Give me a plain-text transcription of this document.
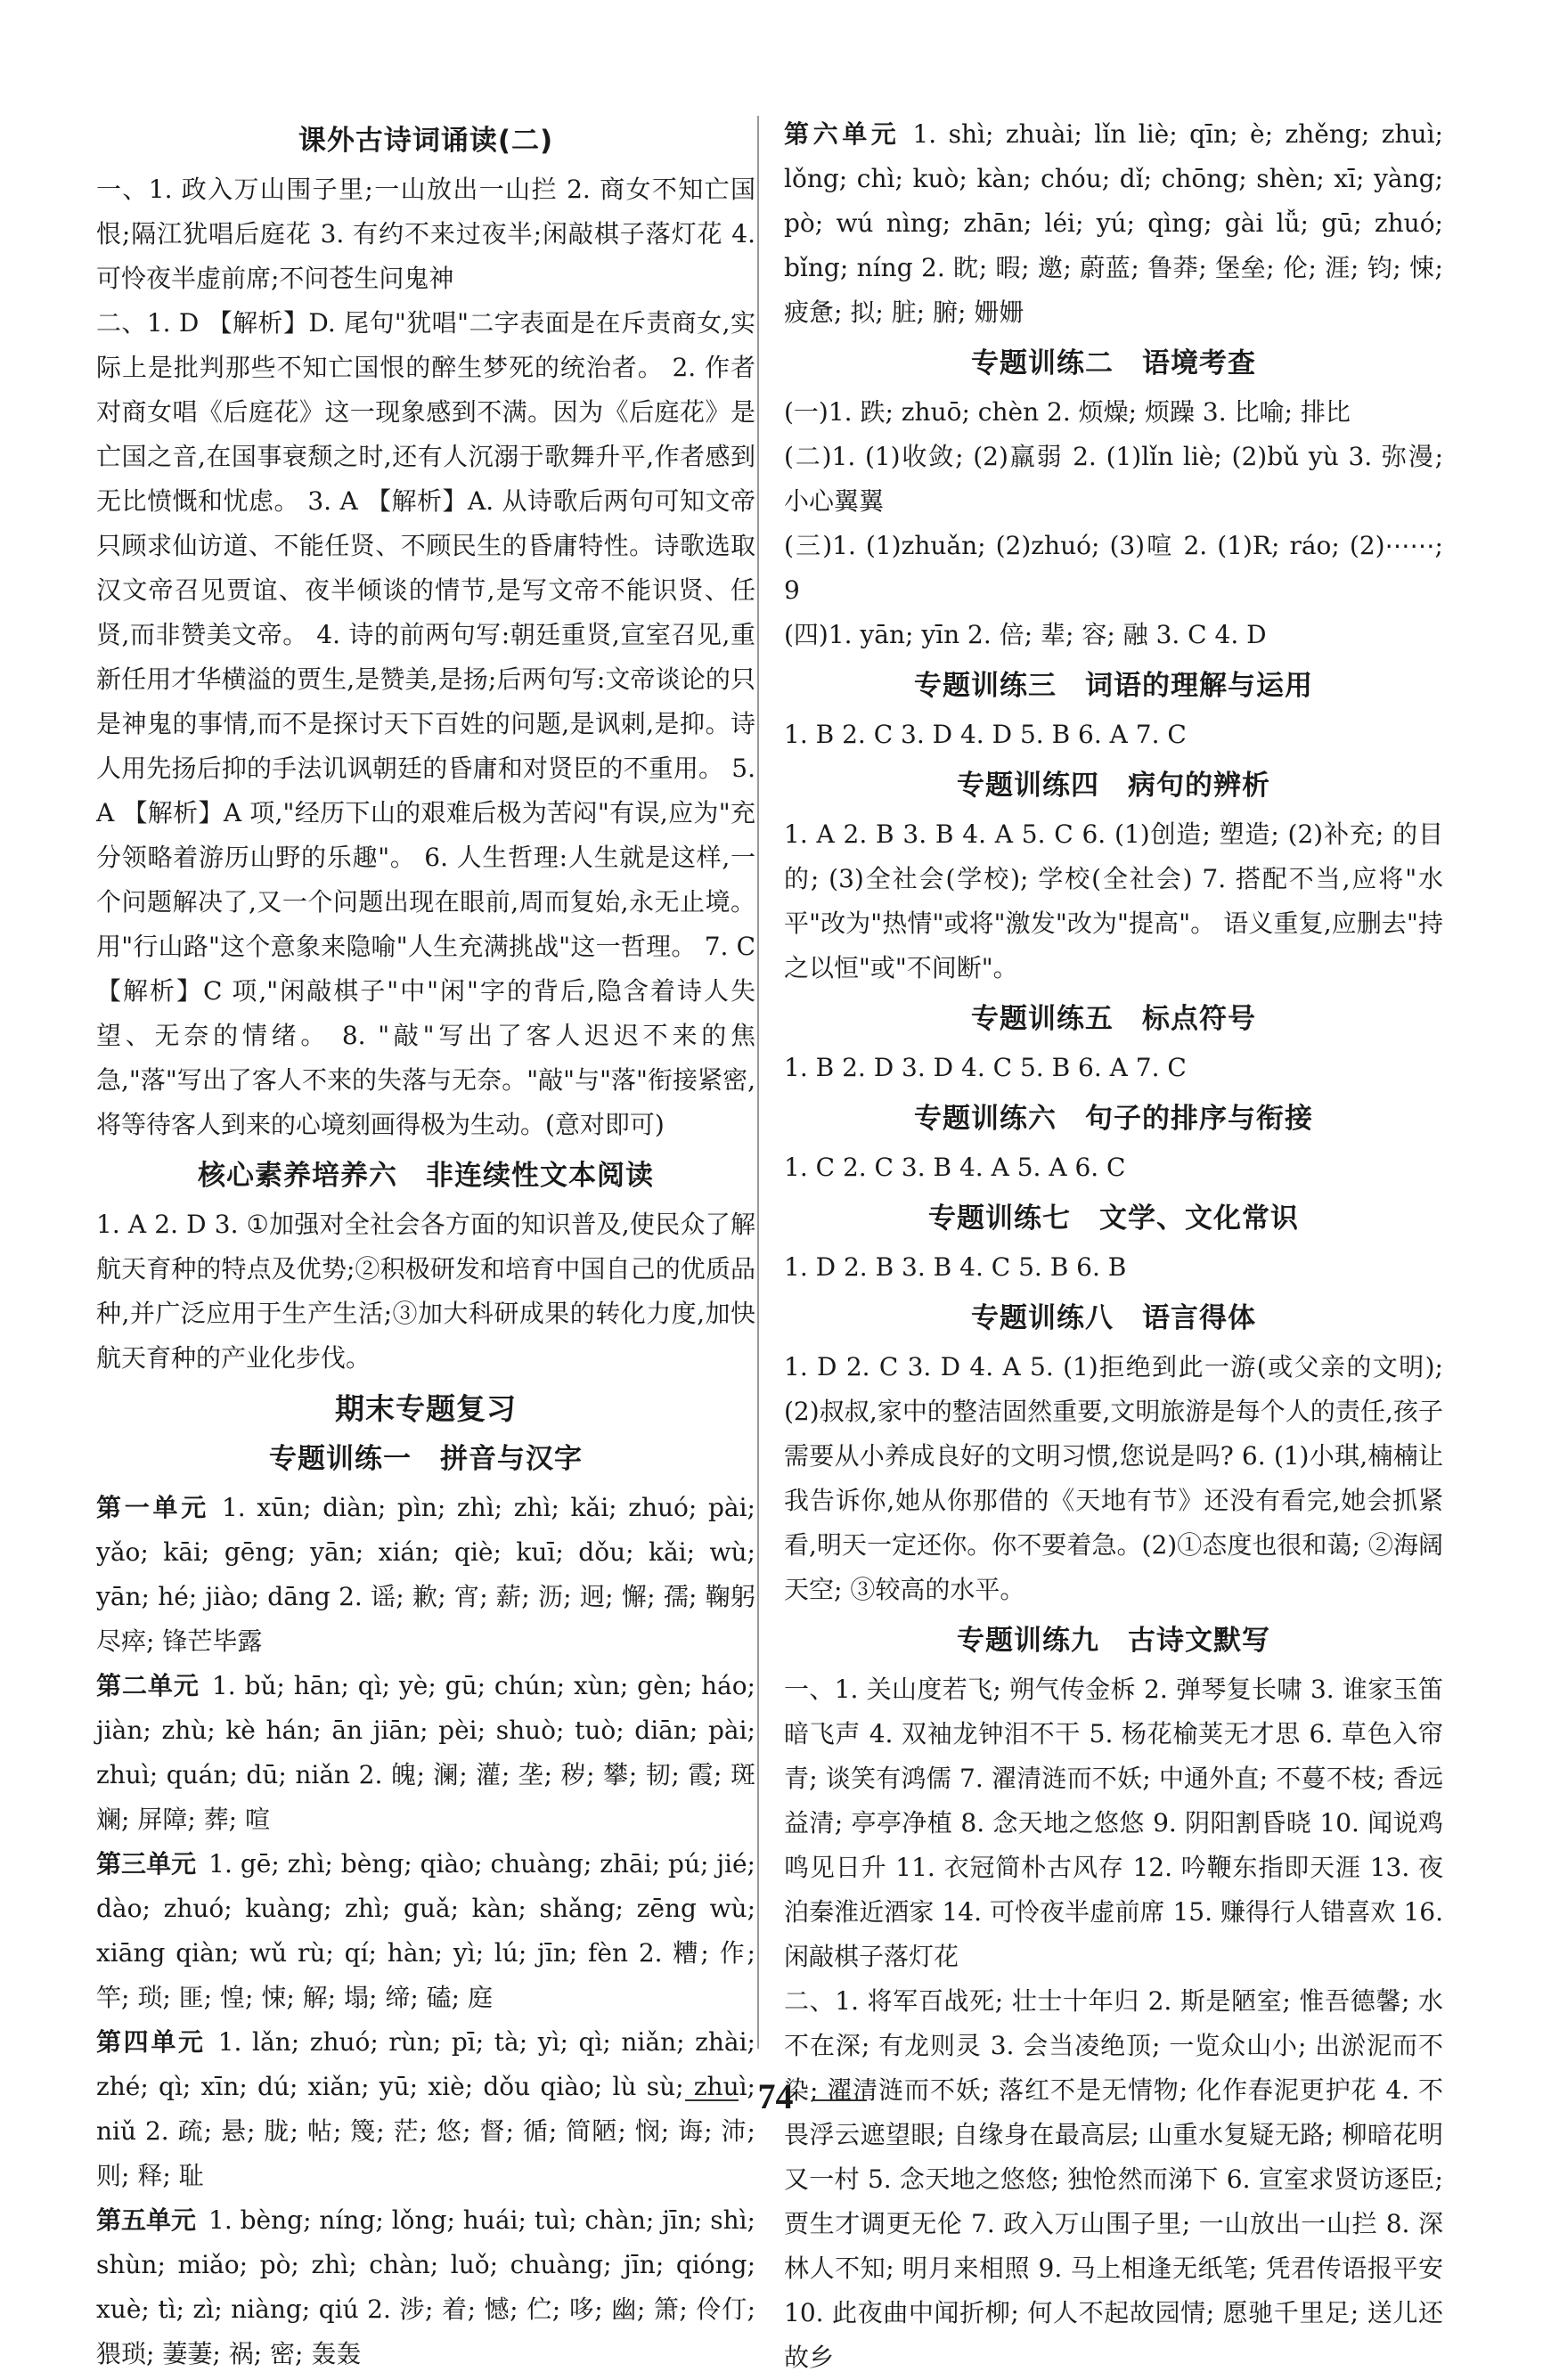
课外古诗词诵读(二)

一、1. 政入万山围子里;一山放出一山拦 2. 商女不知亡国恨;隔江犹唱后庭花 3. 有约不来过夜半;闲敲棋子落灯花 4. 可怜夜半虚前席;不问苍生问鬼神

二、1. D 【解析】D. 尾句"犹唱"二字表面是在斥责商女,实际上是批判那些不知亡国恨的醉生梦死的统治者。 2. 作者对商女唱《后庭花》这一现象感到不满。因为《后庭花》是亡国之音,在国事衰颓之时,还有人沉溺于歌舞升平,作者感到无比愤慨和忧虑。 3. A 【解析】A. 从诗歌后两句可知文帝只顾求仙访道、不能任贤、不顾民生的昏庸特性。诗歌选取汉文帝召见贾谊、夜半倾谈的情节,是写文帝不能识贤、任贤,而非赞美文帝。 4. 诗的前两句写:朝廷重贤,宣室召见,重新任用才华横溢的贾生,是赞美,是扬;后两句写:文帝谈论的只是神鬼的事情,而不是探讨天下百姓的问题,是讽刺,是抑。诗人用先扬后抑的手法讥讽朝廷的昏庸和对贤臣的不重用。 5. A 【解析】A 项,"经历下山的艰难后极为苦闷"有误,应为"充分领略着游历山野的乐趣"。 6. 人生哲理:人生就是这样,一个问题解决了,又一个问题出现在眼前,周而复始,永无止境。用"行山路"这个意象来隐喻"人生充满挑战"这一哲理。 7. C 【解析】C 项,"闲敲棋子"中"闲"字的背后,隐含着诗人失望、无奈的情绪。 8. "敲"写出了客人迟迟不来的焦急,"落"写出了客人不来的失落与无奈。"敲"与"落"衔接紧密,将等待客人到来的心境刻画得极为生动。(意对即可)

核心素养培养六　非连续性文本阅读

1. A 2. D 3. ①加强对全社会各方面的知识普及,使民众了解航天育种的特点及优势;②积极研发和培育中国自己的优质品种,并广泛应用于生产生活;③加大科研成果的转化力度,加快航天育种的产业化步伐。

期末专题复习
专题训练一　拼音与汉字

第一单元 1. xūn; diàn; pìn; zhì; zhì; kǎi; zhuó; pài; yǎo; kāi; gēng; yān; xián; qiè; kuī; dǒu; kǎi; wù; yān; hé; jiào; dāng 2. 谣; 歉; 宵; 薪; 沥; 迥; 懈; 孺; 鞠躬尽瘁; 锋芒毕露

第二单元 1. bǔ; hān; qì; yè; gū; chún; xùn; gèn; háo; jiàn; zhù; kè hán; ān jiān; pèi; shuò; tuò; diān; pài; zhuì; quán; dū; niǎn 2. 魄; 澜; 灌; 垄; 秽; 攀; 韧; 霞; 斑斓; 屏障; 葬; 喧

第三单元 1. gē; zhì; bèng; qiào; chuàng; zhāi; pú; jié; dào; zhuó; kuàng; zhì; guǎ; kàn; shǎng; zēng wù; xiāng qiàn; wǔ rù; qí; hàn; yì; lú; jīn; fèn 2. 糟; 作; 竿; 琐; 匪; 惶; 悚; 解; 塌; 缔; 磕; 庭

第四单元 1. lǎn; zhuó; rùn; pī; tà; yì; qì; niǎn; zhài; zhé; qì; xīn; dú; xiǎn; yū; xiè; dǒu qiào; lù sù; zhuì; niǔ 2. 疏; 悬; 胧; 帖; 篾; 茫; 悠; 督; 循; 简陋; 悯; 诲; 沛; 则; 释; 耻

第五单元 1. bèng; níng; lǒng; huái; tuì; chàn; jīn; shì; shùn; miǎo; pò; zhì; chàn; luǒ; chuàng; jīn; qióng; xuè; tì; zì; niàng; qiú 2. 涉; 着; 憾; 伫; 哆; 幽; 箫; 伶仃; 猥琐; 萋萋; 祸; 密; 轰轰

第六单元 1. shì; zhuài; lǐn liè; qīn; è; zhěng; zhuì; lǒng; chì; kuò; kàn; chóu; dǐ; chōng; shèn; xī; yàng; pò; wú nìng; zhān; léi; yú; qìng; gài lǚ; gū; zhuó; bǐng; níng 2. 眈; 暇; 邀; 蔚蓝; 鲁莽; 堡垒; 伦; 涯; 钧; 悚; 疲惫; 拟; 脏; 腑; 姗姗

专题训练二　语境考查

(一)1. 跌; zhuō; chèn 2. 烦燥; 烦躁 3. 比喻; 排比

(二)1. (1)收敛; (2)羸弱 2. (1)lǐn liè; (2)bǔ yù 3. 弥漫; 小心翼翼

(三)1. (1)zhuǎn; (2)zhuó; (3)喧 2. (1)R; ráo; (2)⋯⋯; 9

(四)1. yān; yīn 2. 倍; 辈; 容; 融 3. C 4. D

专题训练三　词语的理解与运用

1. B 2. C 3. D 4. D 5. B 6. A 7. C

专题训练四　病句的辨析

1. A 2. B 3. B 4. A 5. C 6. (1)创造; 塑造; (2)补充; 的目的; (3)全社会(学校); 学校(全社会) 7. 搭配不当,应将"水平"改为"热情"或将"激发"改为"提高"。 语义重复,应删去"持之以恒"或"不间断"。

专题训练五　标点符号

1. B 2. D 3. D 4. C 5. B 6. A 7. C

专题训练六　句子的排序与衔接

1. C 2. C 3. B 4. A 5. A 6. C

专题训练七　文学、文化常识

1. D 2. B 3. B 4. C 5. B 6. B

专题训练八　语言得体

1. D 2. C 3. D 4. A 5. (1)拒绝到此一游(或父亲的文明); (2)叔叔,家中的整洁固然重要,文明旅游是每个人的责任,孩子需要从小养成良好的文明习惯,您说是吗? 6. (1)小琪,楠楠让我告诉你,她从你那借的《天地有节》还没有看完,她会抓紧看,明天一定还你。你不要着急。(2)①态度也很和蔼; ②海阔天空; ③较高的水平。

专题训练九　古诗文默写

一、1. 关山度若飞; 朔气传金柝 2. 弹琴复长啸 3. 谁家玉笛暗飞声 4. 双袖龙钟泪不干 5. 杨花榆荚无才思 6. 草色入帘青; 谈笑有鸿儒 7. 濯清涟而不妖; 中通外直; 不蔓不枝; 香远益清; 亭亭净植 8. 念天地之悠悠 9. 阴阳割昏晓 10. 闻说鸡鸣见日升 11. 衣冠简朴古风存 12. 吟鞭东指即天涯 13. 夜泊秦淮近酒家 14. 可怜夜半虚前席 15. 赚得行人错喜欢 16. 闲敲棋子落灯花

二、1. 将军百战死; 壮士十年归 2. 斯是陋室; 惟吾德馨; 水不在深; 有龙则灵 3. 会当凌绝顶; 一览众山小; 出淤泥而不染; 濯清涟而不妖; 落红不是无情物; 化作春泥更护花 4. 不畏浮云遮望眼; 自缘身在最高层; 山重水复疑无路; 柳暗花明又一村 5. 念天地之悠悠; 独怆然而涕下 6. 宣室求贤访逐臣; 贾生才调更无伦 7. 政入万山围子里; 一山放出一山拦 8. 深林人不知; 明月来相照 9. 马上相逢无纸笔; 凭君传语报平安 10. 此夜曲中闻折柳; 何人不起故园情; 愿驰千里足; 送儿还故乡

74
